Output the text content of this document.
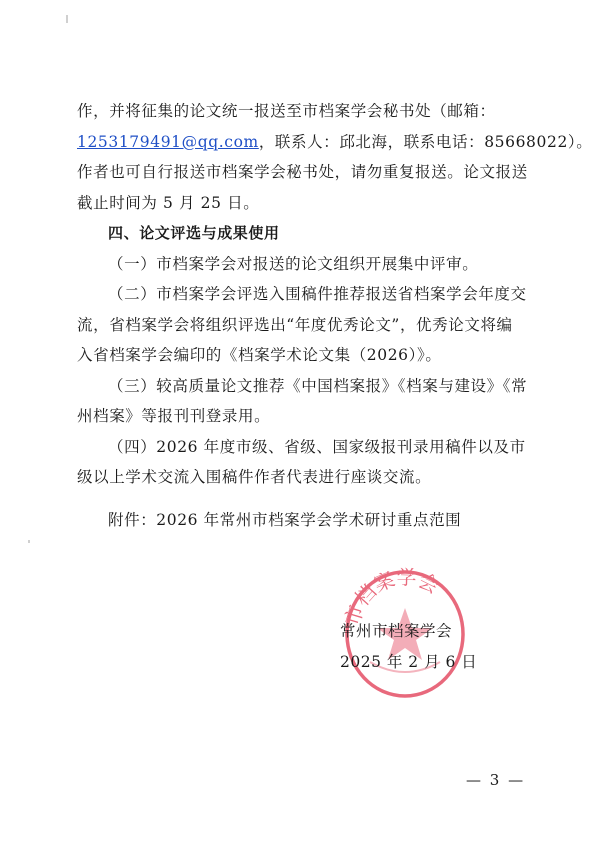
作，并将征集的论文统一报送至市档案学会秘书处（邮箱：
1253179491@qq.com，联系人：邱北海，联系电话：85668022）。
作者也可自行报送市档案学会秘书处，请勿重复报送。论文报送
截止时间为 5 月 25 日。
四、论文评选与成果使用
（一）市档案学会对报送的论文组织开展集中评审。
（二）市档案学会评选入围稿件推荐报送省档案学会年度交
流，省档案学会将组织评选出“年度优秀论文”，优秀论文将编
入省档案学会编印的《档案学术论文集（2026）》。
（三）较高质量论文推荐《中国档案报》《档案与建设》《常
州档案》等报刊刊登录用。
（四）2026 年度市级、省级、国家级报刊录用稿件以及市
级以上学术交流入围稿件作者代表进行座谈交流。
附件：2026 年常州市档案学会学术研讨重点范围
市档案学会
常州市档案学会
2025 年 2 月 6 日
— 3 —
